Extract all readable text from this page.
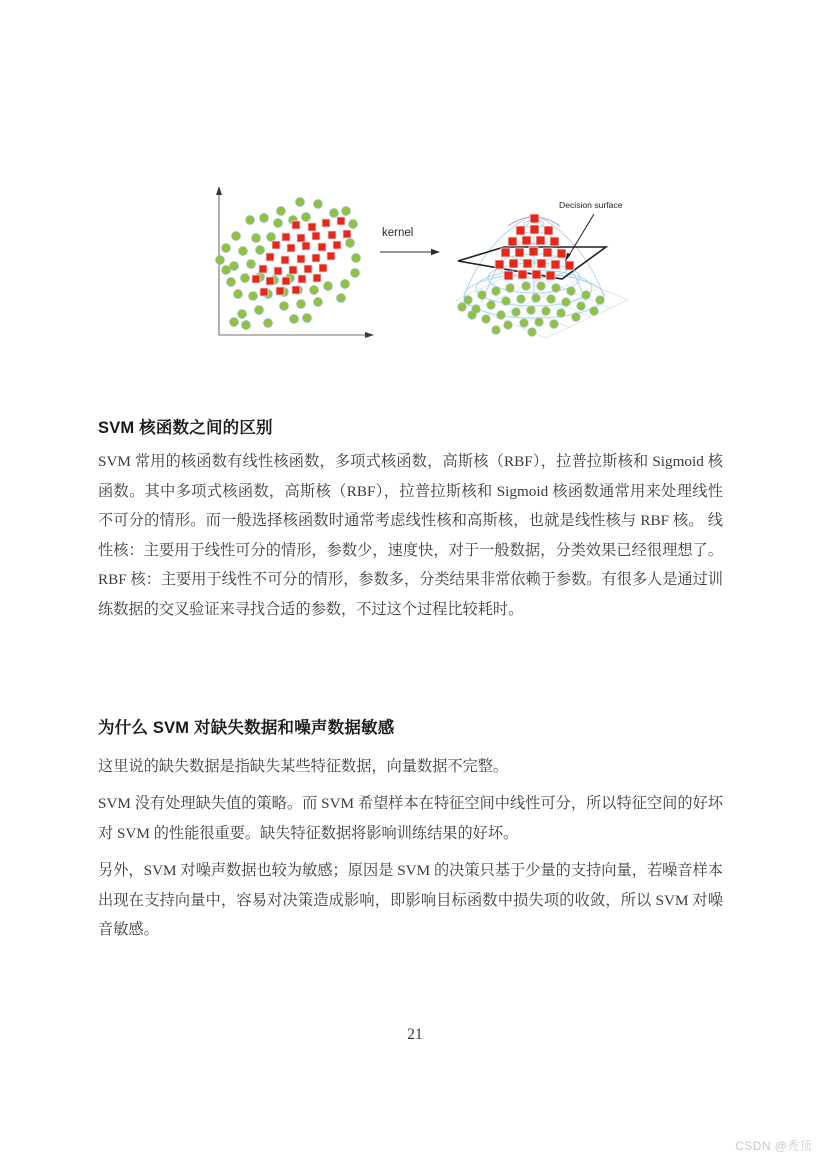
kernel
Decision surface
SVM 核函数之间的区别

SVM 常用的核函数有线性核函数，多项式核函数，高斯核（RBF），拉普拉斯核和 Sigmoid 核函数。其中多项式核函数，高斯核（RBF），拉普拉斯核和 Sigmoid 核函数通常用来处理线性不可分的情形。而一般选择核函数时通常考虑线性核和高斯核，也就是线性核与 RBF 核。 线性核：主要用于线性可分的情形，参数少，速度快，对于一般数据，分类效果已经很理想了。 RBF 核：主要用于线性不可分的情形，参数多，分类结果非常依赖于参数。有很多人是通过训练数据的交叉验证来寻找合适的参数，不过这个过程比较耗时。

为什么 SVM 对缺失数据和噪声数据敏感

这里说的缺失数据是指缺失某些特征数据，向量数据不完整。

SVM 没有处理缺失值的策略。而 SVM 希望样本在特征空间中线性可分，所以特征空间的好坏对 SVM 的性能很重要。缺失特征数据将影响训练结果的好坏。

另外，SVM 对噪声数据也较为敏感；原因是 SVM 的决策只基于少量的支持向量，若噪音样本出现在支持向量中，容易对决策造成影响，即影响目标函数中损失项的收敛，所以 SVM 对噪音敏感。

21
CSDN @秃顶
